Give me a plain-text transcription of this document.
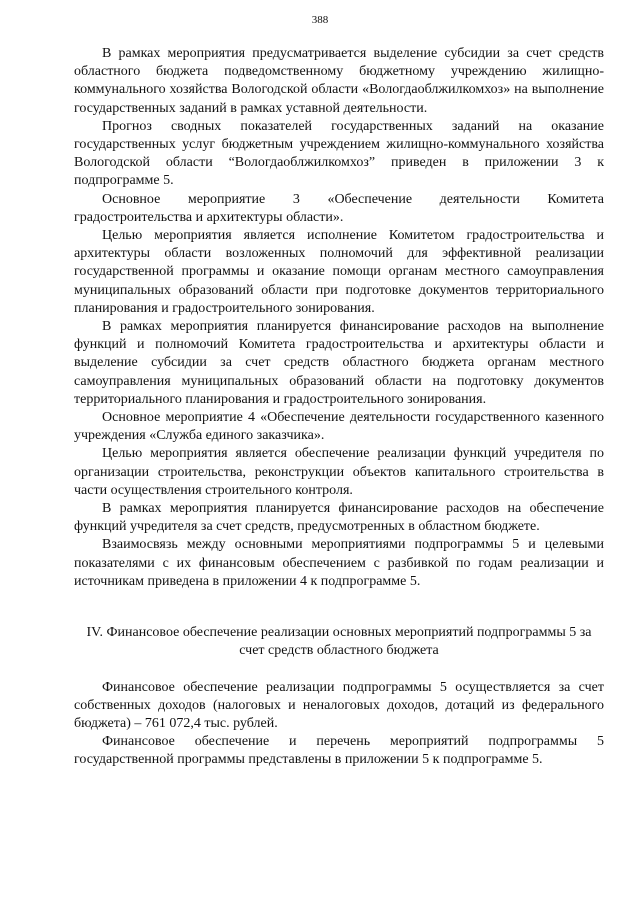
388

В рамках мероприятия предусматривается выделение субсидии за счет средств областного бюджета подведомственному бюджетному учреждению жилищно-коммунального хозяйства Вологодской области «Вологдаоблжилкомхоз» на выполнение государственных заданий в рамках уставной деятельности.

Прогноз сводных показателей государственных заданий на оказание государственных услуг бюджетным учреждением жилищно-коммунального хозяйства Вологодской области “Вологдаоблжилкомхоз” приведен в приложении 3 к подпрограмме 5.

Основное мероприятие 3 «Обеспечение деятельности Комитета градостроительства и архитектуры области».

Целью мероприятия является исполнение Комитетом градостроительства и архитектуры области возложенных полномочий для эффективной реализации государственной программы и оказание помощи органам местного самоуправления муниципальных образований области при подготовке документов территориального планирования и градостроительного зонирования.

В рамках мероприятия планируется финансирование расходов на выполнение функций и полномочий Комитета градостроительства и архитектуры области и выделение субсидии за счет средств областного бюджета органам местного самоуправления муниципальных образований области на подготовку документов территориального планирования и градостроительного зонирования.

Основное мероприятие 4 «Обеспечение деятельности государственного казенного учреждения «Служба единого заказчика».

Целью мероприятия является обеспечение реализации функций учредителя по организации строительства, реконструкции объектов капитального строительства в части осуществления строительного контроля.

В рамках мероприятия планируется финансирование расходов на обеспечение функций учредителя за счет средств, предусмотренных в областном бюджете.

Взаимосвязь между основными мероприятиями подпрограммы 5 и целевыми показателями с их финансовым обеспечением с разбивкой по годам реализации и источникам приведена в приложении 4 к подпрограмме 5.

IV. Финансовое обеспечение реализации основных мероприятий подпрограммы 5 за счет средств областного бюджета

Финансовое обеспечение реализации подпрограммы 5 осуществляется за счет собственных доходов (налоговых и неналоговых доходов, дотаций из федерального бюджета) – 761 072,4 тыс. рублей.

Финансовое обеспечение и перечень мероприятий подпрограммы 5 государственной программы представлены в приложении 5 к подпрограмме 5.
